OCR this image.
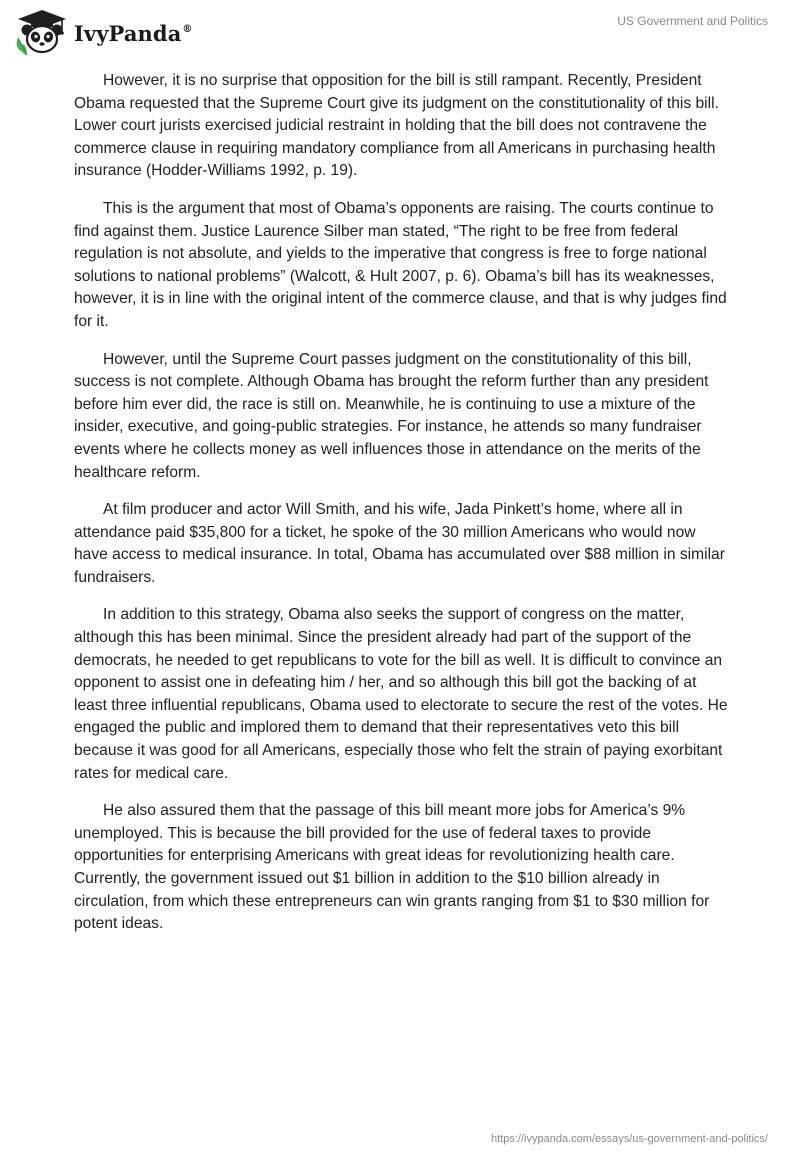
IvyPanda®
US Government and Politics

However, it is no surprise that opposition for the bill is still rampant. Recently, President Obama requested that the Supreme Court give its judgment on the constitutionality of this bill. Lower court jurists exercised judicial restraint in holding that the bill does not contravene the commerce clause in requiring mandatory compliance from all Americans in purchasing health insurance (Hodder-Williams 1992, p. 19).

This is the argument that most of Obama’s opponents are raising. The courts continue to find against them. Justice Laurence Silber man stated, “The right to be free from federal regulation is not absolute, and yields to the imperative that congress is free to forge national solutions to national problems” (Walcott, & Hult 2007, p. 6). Obama’s bill has its weaknesses, however, it is in line with the original intent of the commerce clause, and that is why judges find for it.

However, until the Supreme Court passes judgment on the constitutionality of this bill, success is not complete. Although Obama has brought the reform further than any president before him ever did, the race is still on. Meanwhile, he is continuing to use a mixture of the insider, executive, and going-public strategies. For instance, he attends so many fundraiser events where he collects money as well influences those in attendance on the merits of the healthcare reform.

At film producer and actor Will Smith, and his wife, Jada Pinkett’s home, where all in attendance paid $35,800 for a ticket, he spoke of the 30 million Americans who would now have access to medical insurance. In total, Obama has accumulated over $88 million in similar fundraisers.

In addition to this strategy, Obama also seeks the support of congress on the matter, although this has been minimal. Since the president already had part of the support of the democrats, he needed to get republicans to vote for the bill as well. It is difficult to convince an opponent to assist one in defeating him / her, and so although this bill got the backing of at least three influential republicans, Obama used to electorate to secure the rest of the votes. He engaged the public and implored them to demand that their representatives veto this bill because it was good for all Americans, especially those who felt the strain of paying exorbitant rates for medical care.

He also assured them that the passage of this bill meant more jobs for America’s 9% unemployed. This is because the bill provided for the use of federal taxes to provide opportunities for enterprising Americans with great ideas for revolutionizing health care. Currently, the government issued out $1 billion in addition to the $10 billion already in circulation, from which these entrepreneurs can win grants ranging from $1 to $30 million for potent ideas.

https://ivypanda.com/essays/us-government-and-politics/
